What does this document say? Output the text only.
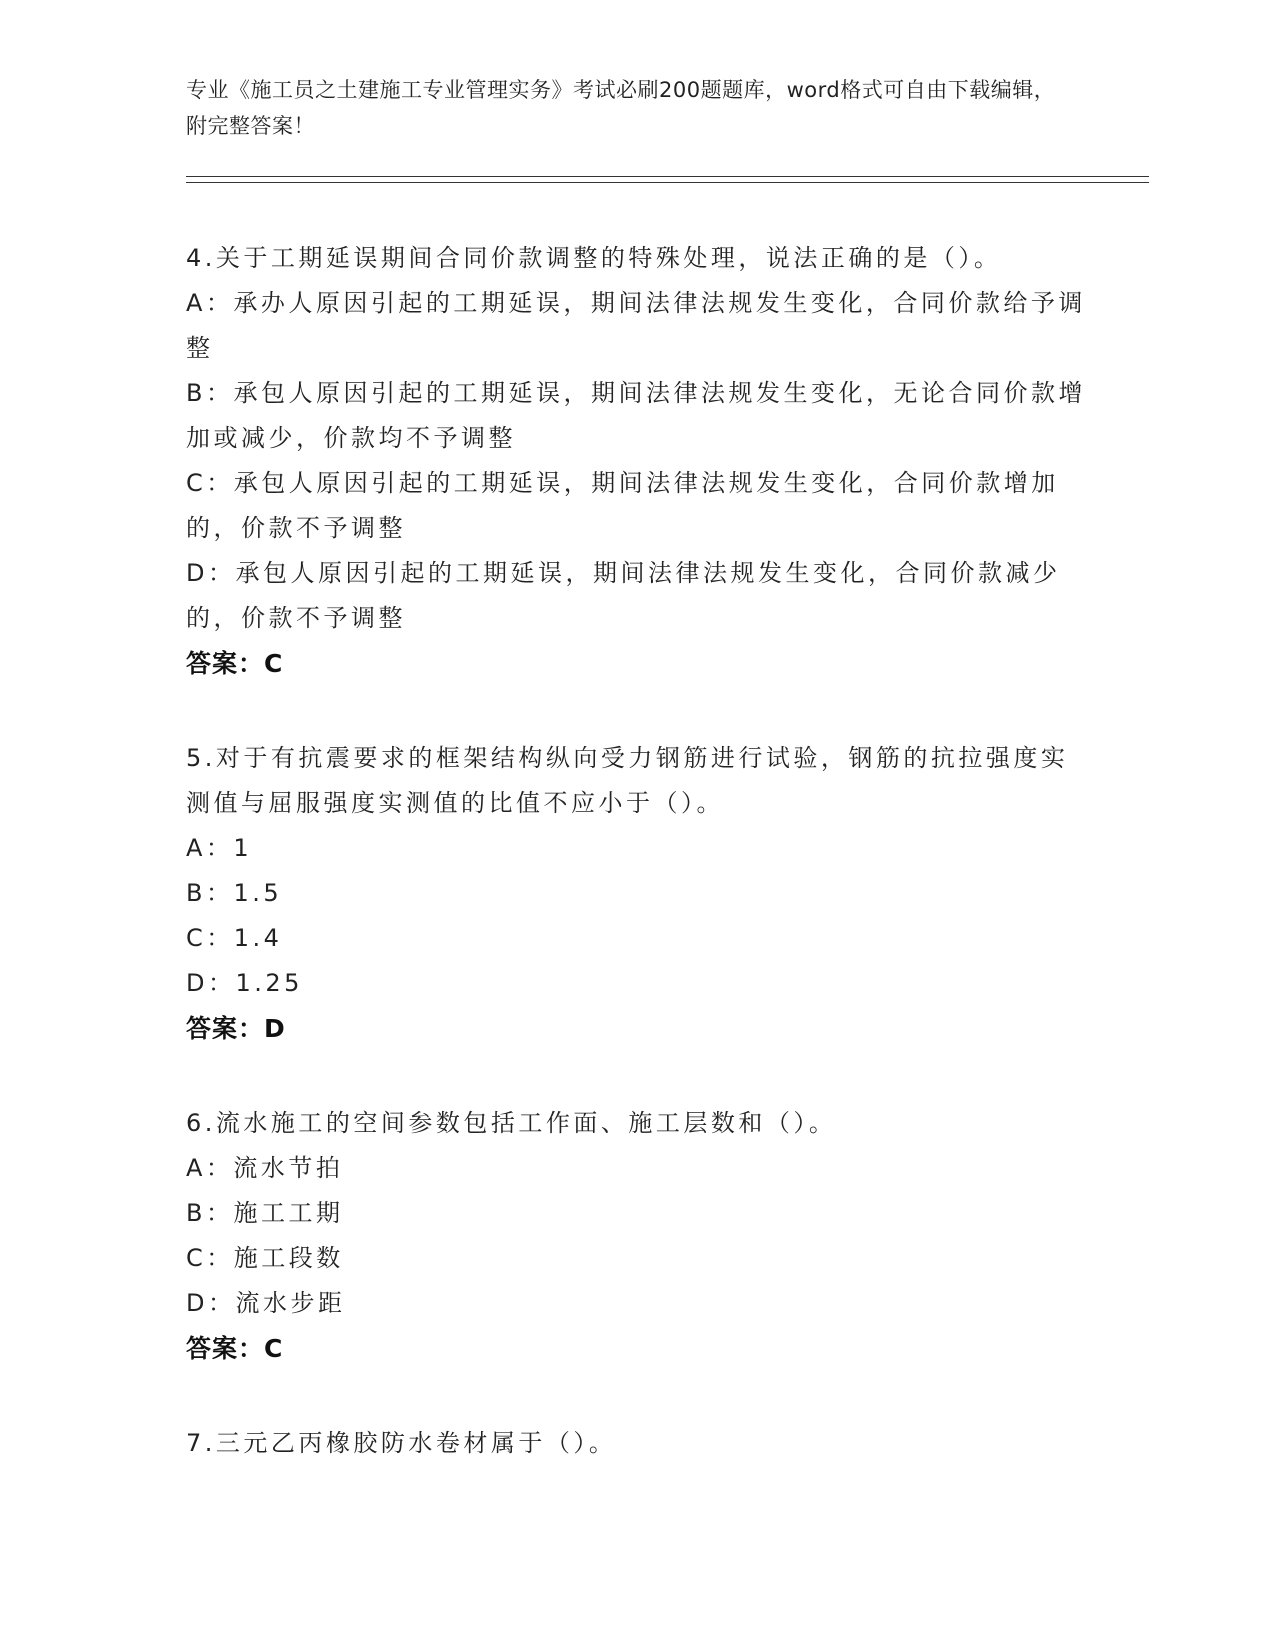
专业《施工员之土建施工专业管理实务》考试必刷200题题库，word格式可自由下载编辑，附完整答案！
4.关于工期延误期间合同价款调整的特殊处理，说法正确的是（）。
A：承办人原因引起的工期延误，期间法律法规发生变化，合同价款给予调整
B：承包人原因引起的工期延误，期间法律法规发生变化，无论合同价款增加或减少，价款均不予调整
C：承包人原因引起的工期延误，期间法律法规发生变化，合同价款增加的，价款不予调整
D：承包人原因引起的工期延误，期间法律法规发生变化，合同价款减少的，价款不予调整
答案：C
5.对于有抗震要求的框架结构纵向受力钢筋进行试验，钢筋的抗拉强度实测值与屈服强度实测值的比值不应小于（）。
A：1
B：1.5
C：1.4
D：1.25
答案：D
6.流水施工的空间参数包括工作面、施工层数和（）。
A：流水节拍
B：施工工期
C：施工段数
D：流水步距
答案：C
7.三元乙丙橡胶防水卷材属于（）。
